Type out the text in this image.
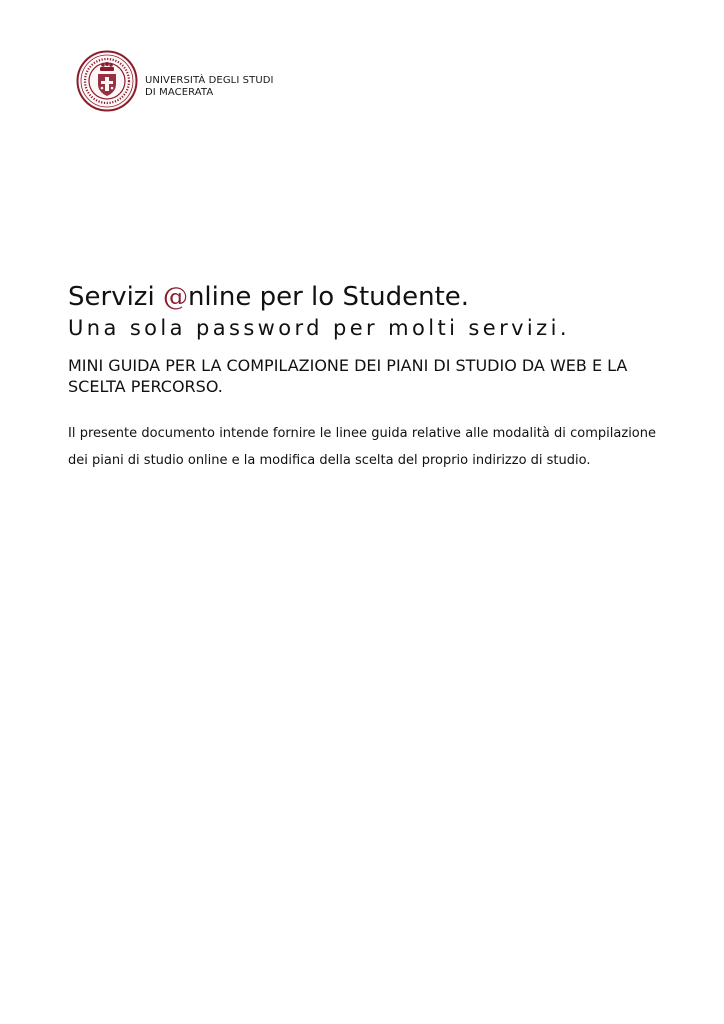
UNIVERSITÀ DEGLI STUDI
DI MACERATA
Servizi @nline per lo Studente.
Una sola password per molti servizi.
MINI GUIDA PER LA COMPILAZIONE DEI PIANI DI STUDIO DA WEB E LA SCELTA PERCORSO.
Il presente documento intende fornire le linee guida relative alle modalità di compilazione dei piani di studio online e la modifica della scelta del proprio indirizzo di studio.
